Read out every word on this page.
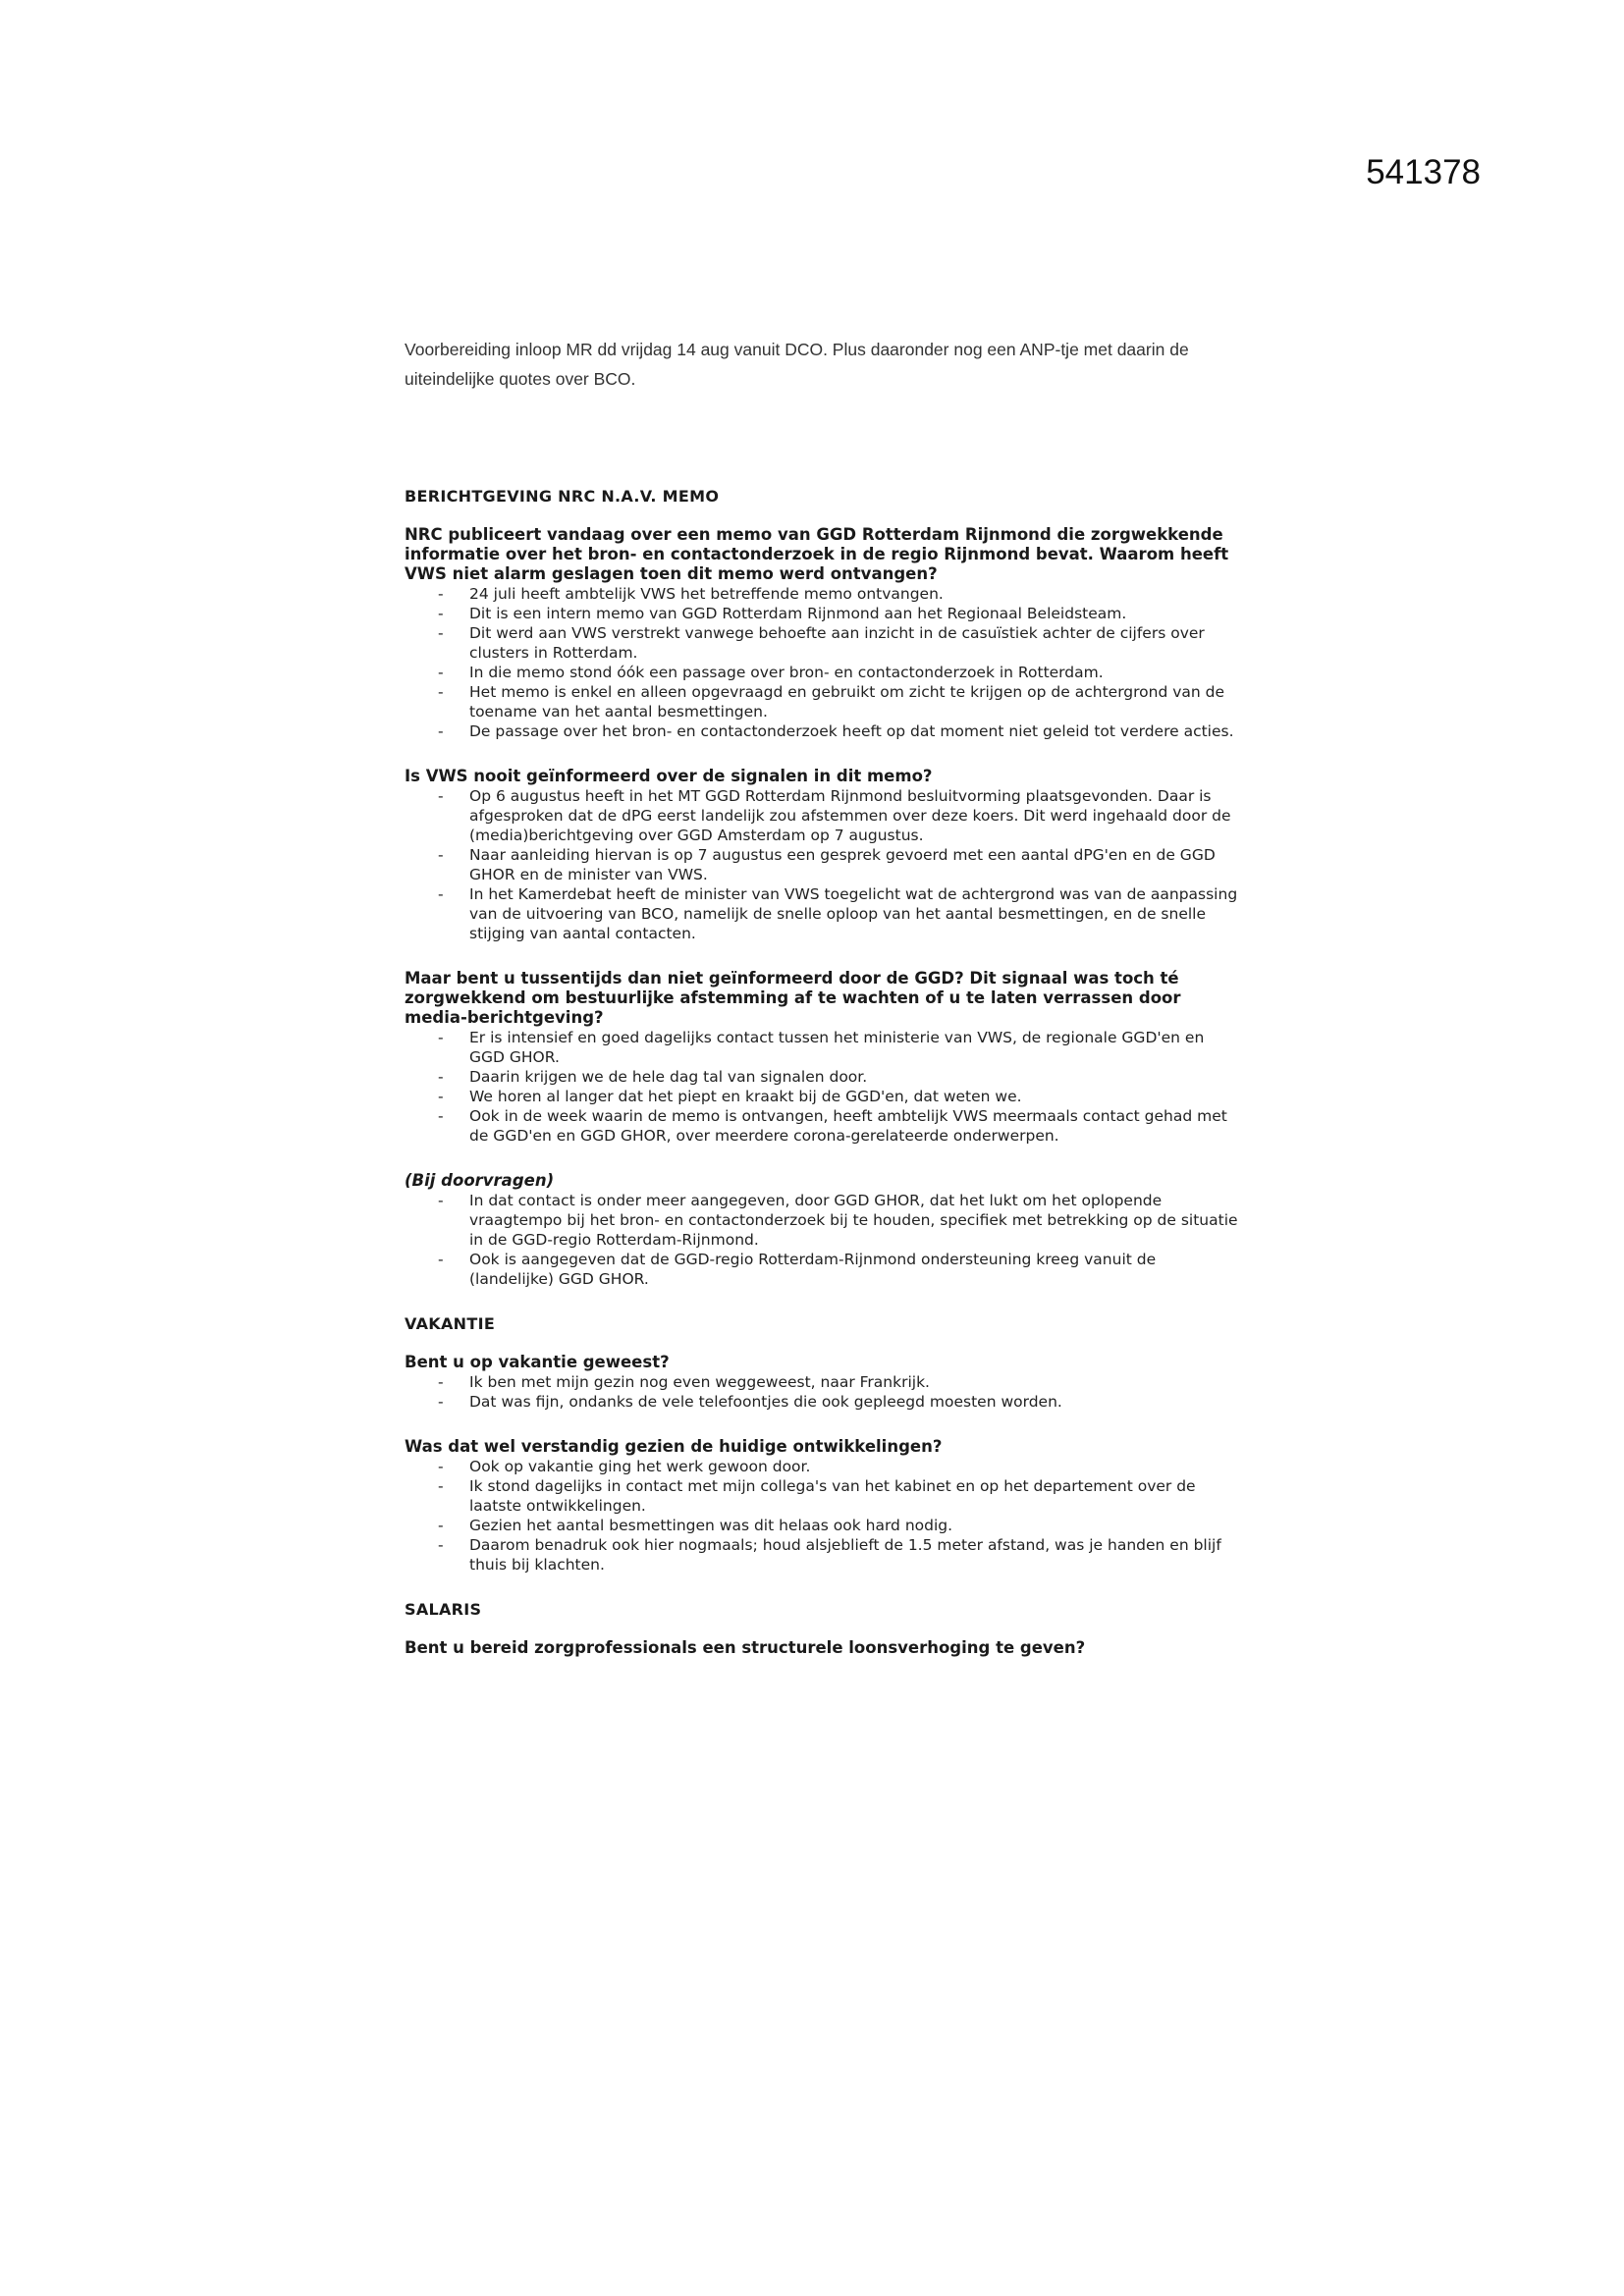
541378
Voorbereiding inloop MR dd vrijdag 14 aug vanuit DCO. Plus daaronder nog een ANP-tje met daarin de uiteindelijke quotes over BCO.

BERICHTGEVING NRC N.A.V. MEMO

NRC publiceert vandaag over een memo van GGD Rotterdam Rijnmond die zorgwekkende informatie over het bron- en contactonderzoek in de regio Rijnmond bevat. Waarom heeft VWS niet alarm geslagen toen dit memo werd ontvangen?

- 24 juli heeft ambtelijk VWS het betreffende memo ontvangen.
- Dit is een intern memo van GGD Rotterdam Rijnmond aan het Regionaal Beleidsteam.
- Dit werd aan VWS verstrekt vanwege behoefte aan inzicht in de casuïstiek achter de cijfers over clusters in Rotterdam.
- In die memo stond óók een passage over bron- en contactonderzoek in Rotterdam.
- Het memo is enkel en alleen opgevraagd en gebruikt om zicht te krijgen op de achtergrond van de toename van het aantal besmettingen.
- De passage over het bron- en contactonderzoek heeft op dat moment niet geleid tot verdere acties.

Is VWS nooit geïnformeerd over de signalen in dit memo?

- Op 6 augustus heeft in het MT GGD Rotterdam Rijnmond besluitvorming plaatsgevonden. Daar is afgesproken dat de dPG eerst landelijk zou afstemmen over deze koers. Dit werd ingehaald door de (media)berichtgeving over GGD Amsterdam op 7 augustus.
- Naar aanleiding hiervan is op 7 augustus een gesprek gevoerd met een aantal dPG'en en de GGD GHOR en de minister van VWS.
- In het Kamerdebat heeft de minister van VWS toegelicht wat de achtergrond was van de aanpassing van de uitvoering van BCO, namelijk de snelle oploop van het aantal besmettingen, en de snelle stijging van aantal contacten.

Maar bent u tussentijds dan niet geïnformeerd door de GGD? Dit signaal was toch té zorgwekkend om bestuurlijke afstemming af te wachten of u te laten verrassen door media-berichtgeving?

- Er is intensief en goed dagelijks contact tussen het ministerie van VWS, de regionale GGD'en en GGD GHOR.
- Daarin krijgen we de hele dag tal van signalen door.
- We horen al langer dat het piept en kraakt bij de GGD'en, dat weten we.
- Ook in de week waarin de memo is ontvangen, heeft ambtelijk VWS meermaals contact gehad met de GGD'en en GGD GHOR, over meerdere corona-gerelateerde onderwerpen.

(Bij doorvragen)

- In dat contact is onder meer aangegeven, door GGD GHOR, dat het lukt om het oplopende vraagtempo bij het bron- en contactonderzoek bij te houden, specifiek met betrekking op de situatie in de GGD-regio Rotterdam-Rijnmond.
- Ook is aangegeven dat de GGD-regio Rotterdam-Rijnmond ondersteuning kreeg vanuit de (landelijke) GGD GHOR.

VAKANTIE

Bent u op vakantie geweest?

- Ik ben met mijn gezin nog even weggeweest, naar Frankrijk.
- Dat was fijn, ondanks de vele telefoontjes die ook gepleegd moesten worden.

Was dat wel verstandig gezien de huidige ontwikkelingen?

- Ook op vakantie ging het werk gewoon door.
- Ik stond dagelijks in contact met mijn collega's van het kabinet en op het departement over de laatste ontwikkelingen.
- Gezien het aantal besmettingen was dit helaas ook hard nodig.
- Daarom benadruk ook hier nogmaals; houd alsjeblieft de 1.5 meter afstand, was je handen en blijf thuis bij klachten.

SALARIS

Bent u bereid zorgprofessionals een structurele loonsverhoging te geven?
